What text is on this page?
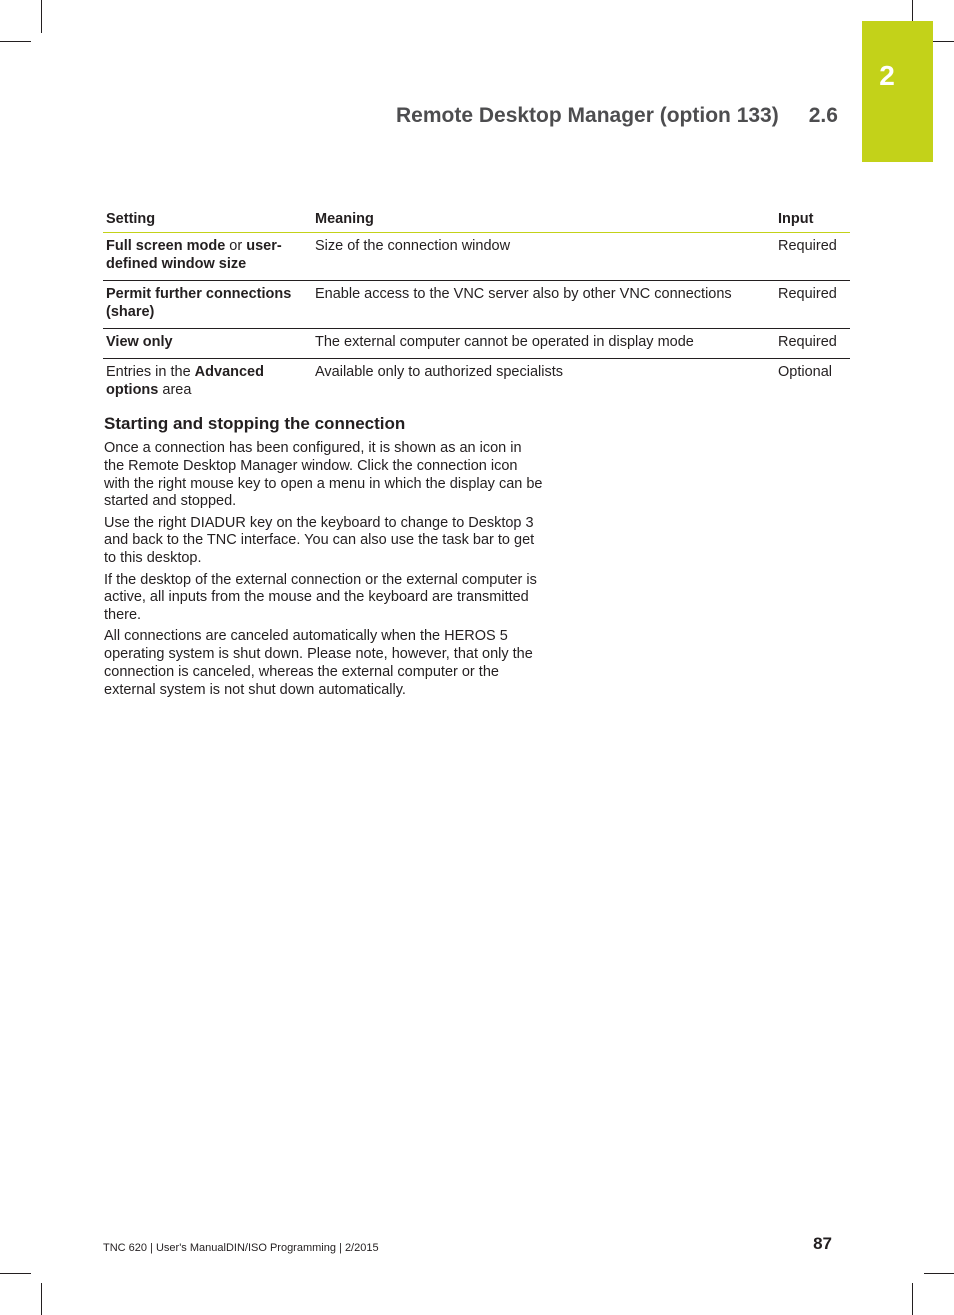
2
Remote Desktop Manager (option 133) 2.6
Setting	Meaning	Input
Full screen mode or user-defined window size	Size of the connection window	Required
Permit further connections (share)	Enable access to the VNC server also by other VNC connections	Required
View only	The external computer cannot be operated in display mode	Required
Entries in the Advanced options area	Available only to authorized specialists	Optional
Starting and stopping the connection

Once a connection has been configured, it is shown as an icon in the Remote Desktop Manager window. Click the connection icon with the right mouse key to open a menu in which the display can be started and stopped.

Use the right DIADUR key on the keyboard to change to Desktop 3 and back to the TNC interface. You can also use the task bar to get to this desktop.

If the desktop of the external connection or the external computer is active, all inputs from the mouse and the keyboard are transmitted there.

All connections are canceled automatically when the HEROS 5 operating system is shut down. Please note, however, that only the connection is canceled, whereas the external computer or the external system is not shut down automatically.

TNC 620 | User's ManualDIN/ISO Programming | 2/2015	87
